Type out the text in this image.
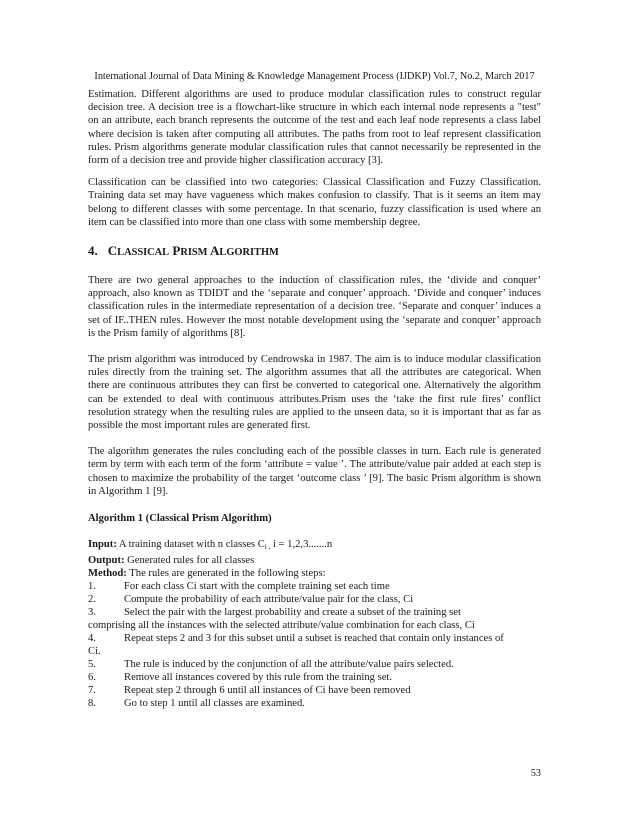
International Journal of Data Mining & Knowledge Management Process (IJDKP) Vol.7, No.2, March 2017

Estimation. Different algorithms are used to produce modular classification rules to construct regular decision tree. A decision tree is a flowchart-like structure in which each internal node represents a "test" on an attribute, each branch represents the outcome of the test and each leaf node represents a class label where decision is taken after computing all attributes. The paths from root to leaf represent classification rules. Prism algorithms generate modular classification rules that cannot necessarily be represented in the form of a decision tree and provide higher classification accuracy [3].

Classification can be classified into two categories: Classical Classification and Fuzzy Classification. Training data set may have vagueness which makes confusion to classify. That is it seems an item may belong to different classes with some percentage. In that scenario, fuzzy classification is used where an item can be classified into more than one class with some membership degree.

4. CLASSICAL PRISM ALGORITHM

There are two general approaches to the induction of classification rules, the ‘divide and conquer’ approach, also known as TDIDT and the ‘separate and conquer’ approach. ‘Divide and conquer’ induces classification rules in the intermediate representation of a decision tree. ‘Separate and conquer’ induces a set of IF..THEN rules. However the most notable development using the ‘separate and conquer’ approach is the Prism family of algorithms [8].

The prism algorithm was introduced by Cendrowska in 1987. The aim is to induce modular classification rules directly from the training set. The algorithm assumes that all the attributes are categorical. When there are continuous attributes they can first be converted to categorical one. Alternatively the algorithm can be extended to deal with continuous attributes.Prism uses the ‘take the first rule fires’ conflict resolution strategy when the resulting rules are applied to the unseen data, so it is important that as far as possible the most important rules are generated first.

The algorithm generates the rules concluding each of the possible classes in turn. Each rule is generated term by term with each term of the form ‘attribute = value ’. The attribute/value pair added at each step is chosen to maximize the probability of the target ‘outcome class ’ [9]. The basic Prism algorithm is shown in Algorithm 1 [9].

Algorithm 1 (Classical Prism Algorithm)
Input: A training dataset with n classes $C_{i ,}$ i = 1,2,3.......n
Output: Generated rules for all classes
Method: The rules are generated in the following steps:
1.	For each class Ci start with the complete training set each time
2.	Compute the probability of each attribute/value pair for the class, Ci
3.	Select the pair with the largest probability and create a subset of the training set
comprising all the instances with the selected attribute/value combination for each class, Ci
4.	Repeat steps 2 and 3 for this subset until a subset is reached that contain only instances of
Ci.
5.	The rule is induced by the conjunction of all the attribute/value pairs selected.
6.	Remove all instances covered by this rule from the training set.
7.	Repeat step 2 through 6 until all instances of Ci have been removed
8.	Go to step 1 until all classes are examined.
53
